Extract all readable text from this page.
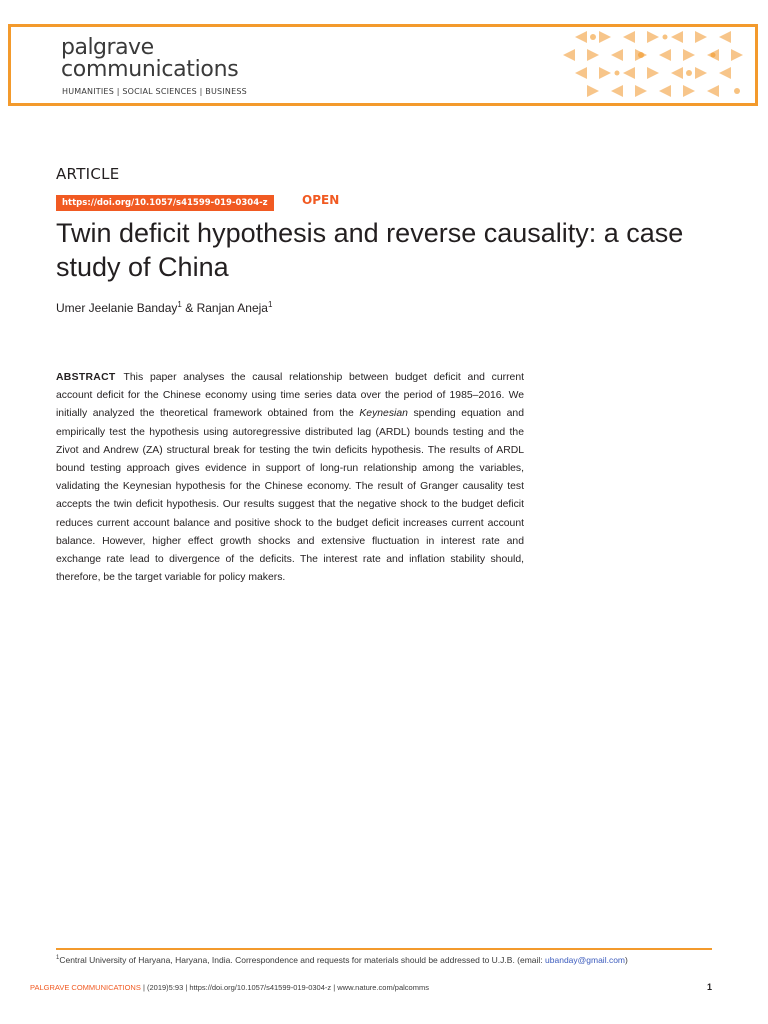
palgrave
communications
HUMANITIES | SOCIAL SCIENCES | BUSINESS
ARTICLE
https://doi.org/10.1057/s41599-019-0304-z	OPEN
Twin deficit hypothesis and reverse causality: a case study of China
Umer Jeelanie Banday$^1$ & Ranjan Aneja$^1$

ABSTRACT This paper analyses the causal relationship between budget deficit and current account deficit for the Chinese economy using time series data over the period of 1985–2016. We initially analyzed the theoretical framework obtained from the Keynesian spending equation and empirically test the hypothesis using autoregressive distributed lag (ARDL) bounds testing and the Zivot and Andrew (ZA) structural break for testing the twin deficits hypothesis. The results of ARDL bound testing approach gives evidence in support of long-run relationship among the variables, validating the Keynesian hypothesis for the Chinese economy. The result of Granger causality test accepts the twin deficit hypothesis. Our results suggest that the negative shock to the budget deficit reduces current account balance and positive shock to the budget deficit increases current account balance. However, higher effect growth shocks and extensive fluctuation in interest rate and exchange rate lead to divergence of the deficits. The interest rate and inflation stability should, therefore, be the target variable for policy makers.

$^1$Central University of Haryana, Haryana, India. Correspondence and requests for materials should be addressed to U.J.B. (email: ubanday@gmail.com)
PALGRAVE COMMUNICATIONS | (2019)5:93 | https://doi.org/10.1057/s41599-019-0304-z | www.nature.com/palcomms	1
